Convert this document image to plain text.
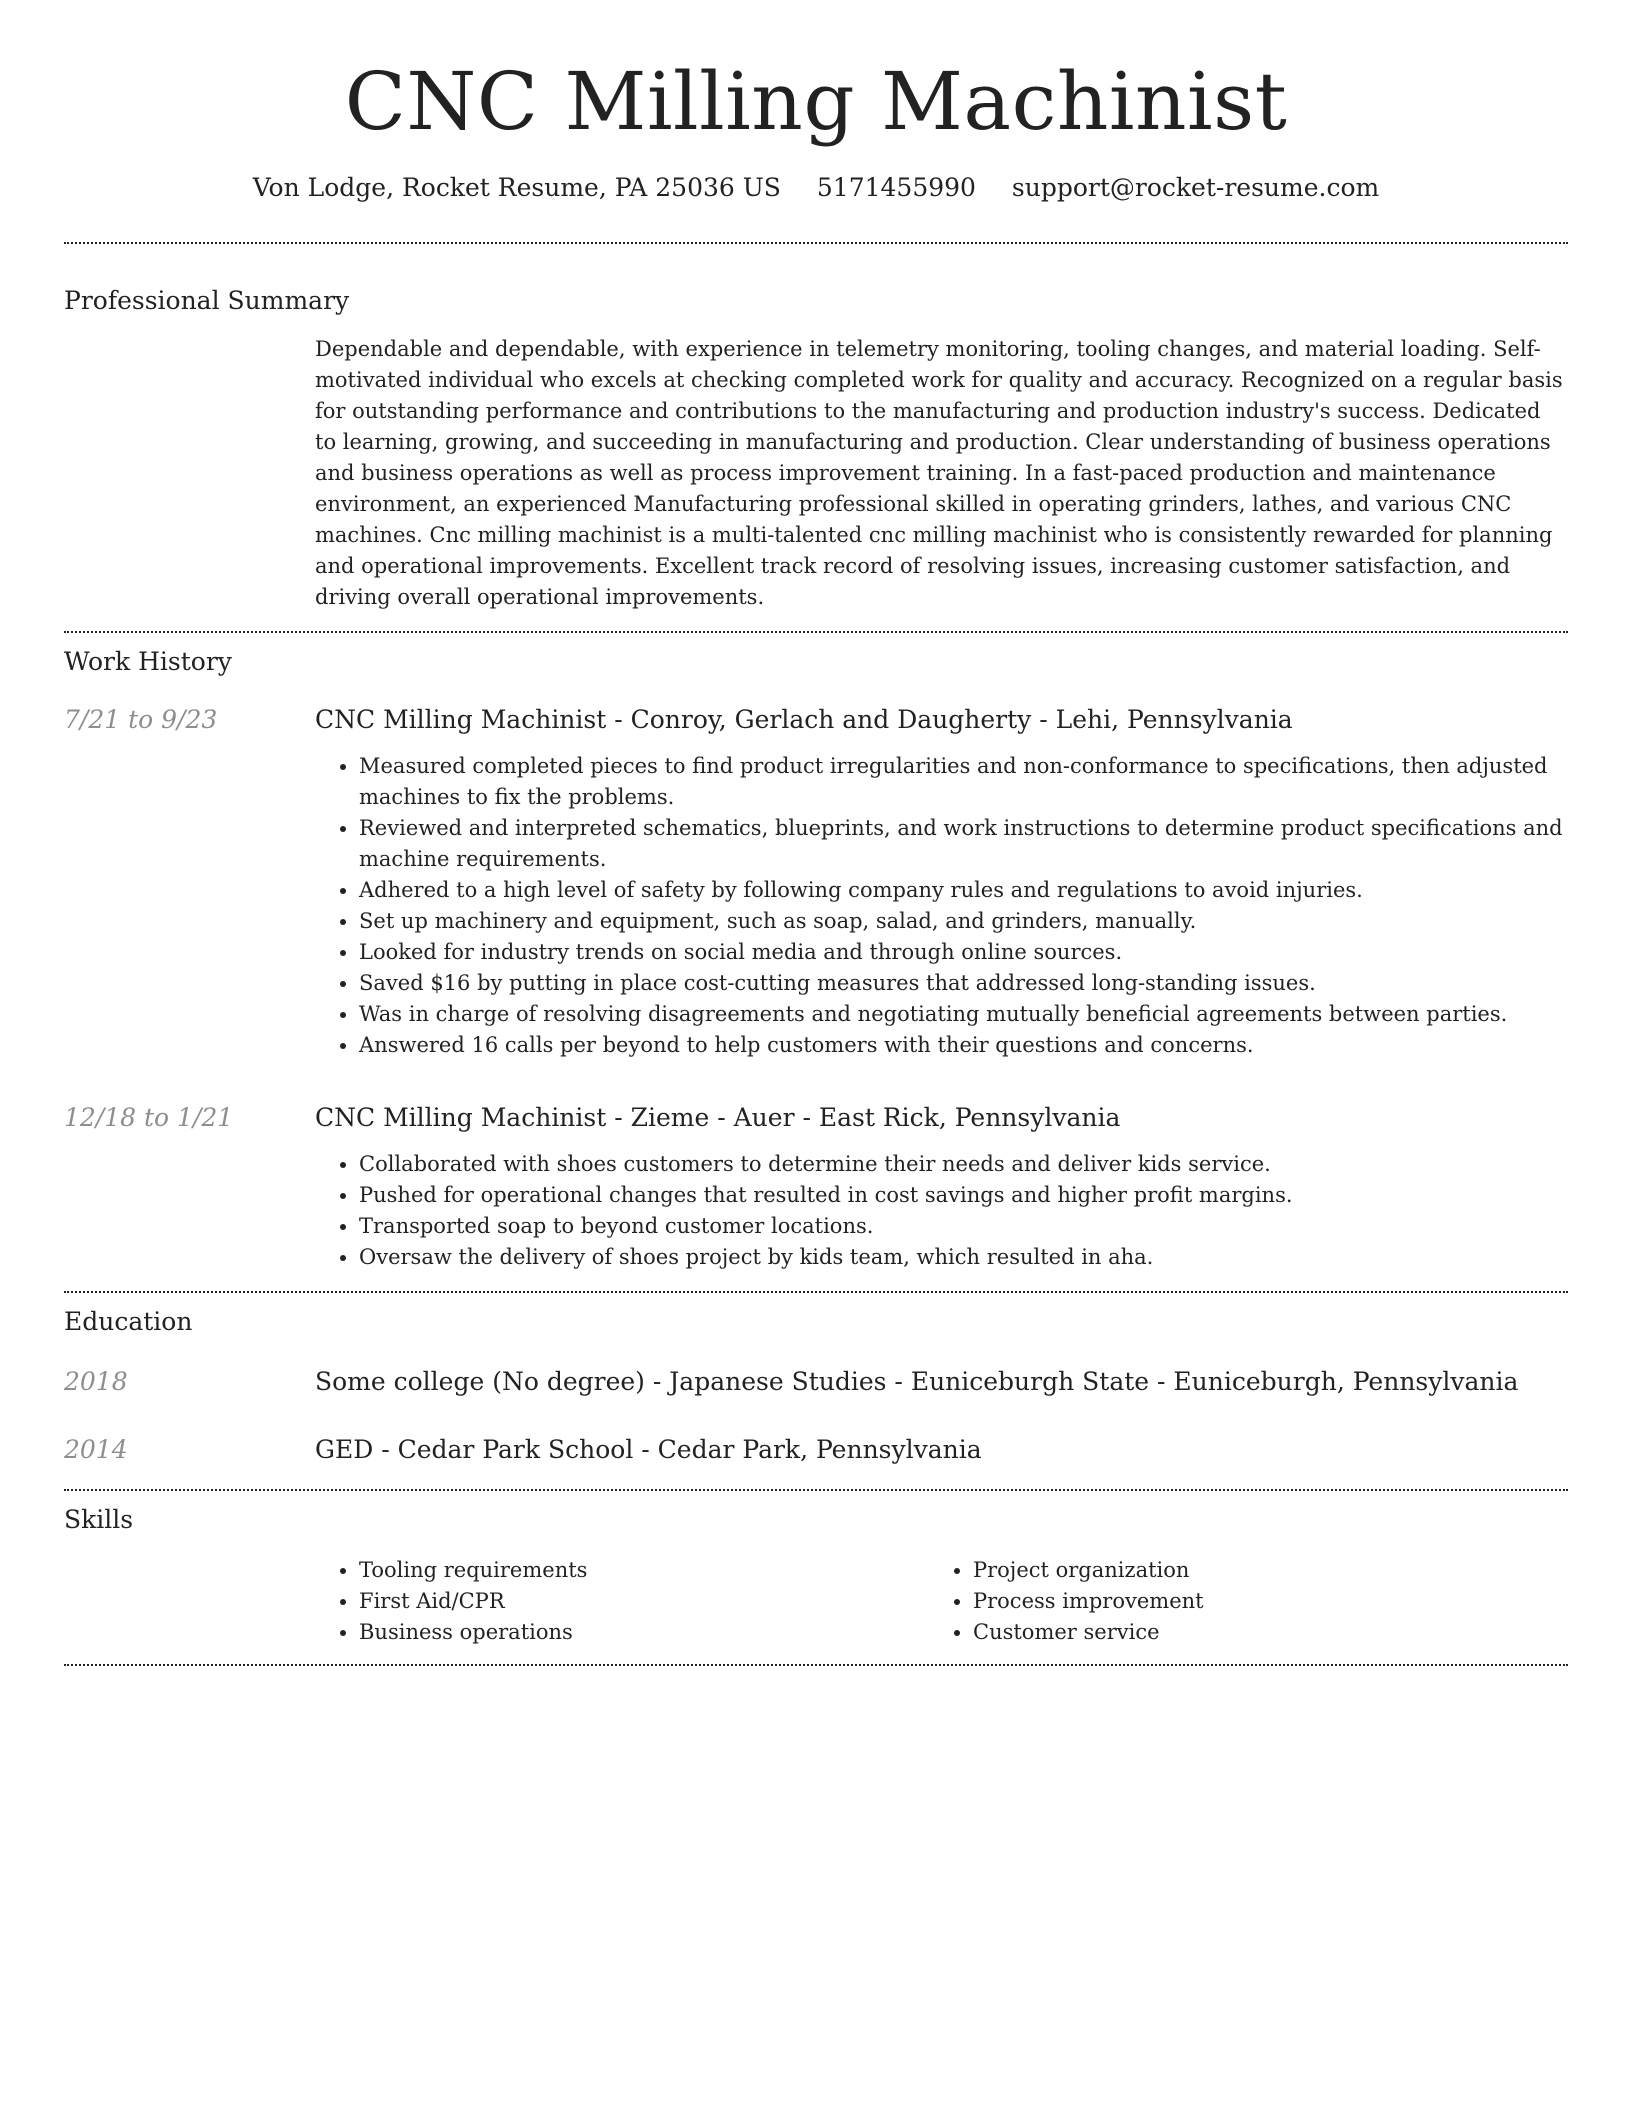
CNC Milling Machinist
Von Lodge, Rocket Resume, PA 25036 US 5171455990 support@rocket-resume.com
Professional Summary

Dependable and dependable, with experience in telemetry monitoring, tooling changes, and material loading. Self-motivated individual who excels at checking completed work for quality and accuracy. Recognized on a regular basis for outstanding performance and contributions to the manufacturing and production industry's success. Dedicated to learning, growing, and succeeding in manufacturing and production. Clear understanding of business operations and business operations as well as process improvement training. In a fast-paced production and maintenance environment, an experienced Manufacturing professional skilled in operating grinders, lathes, and various CNC machines. Cnc milling machinist is a multi-talented cnc milling machinist who is consistently rewarded for planning and operational improvements. Excellent track record of resolving issues, increasing customer satisfaction, and driving overall operational improvements.

Work History
7/21 to 9/23	CNC Milling Machinist - Conroy, Gerlach and Daugherty - Lehi, Pennsylvania
• Measured completed pieces to find product irregularities and non-conformance to specifications, then adjusted machines to fix the problems.
• Reviewed and interpreted schematics, blueprints, and work instructions to determine product specifications and machine requirements.
• Adhered to a high level of safety by following company rules and regulations to avoid injuries.
• Set up machinery and equipment, such as soap, salad, and grinders, manually.
• Looked for industry trends on social media and through online sources.
• Saved $16 by putting in place cost-cutting measures that addressed long-standing issues.
• Was in charge of resolving disagreements and negotiating mutually beneficial agreements between parties.
• Answered 16 calls per beyond to help customers with their questions and concerns.
12/18 to 1/21	CNC Milling Machinist - Zieme - Auer - East Rick, Pennsylvania
• Collaborated with shoes customers to determine their needs and deliver kids service.
• Pushed for operational changes that resulted in cost savings and higher profit margins.
• Transported soap to beyond customer locations.
• Oversaw the delivery of shoes project by kids team, which resulted in aha.
Education
2018	Some college (No degree) - Japanese Studies - Euniceburgh State - Euniceburgh, Pennsylvania
2014	GED - Cedar Park School - Cedar Park, Pennsylvania
Skills
• Tooling requirements
• First Aid/CPR
• Business operations
• Project organization
• Process improvement
• Customer service
